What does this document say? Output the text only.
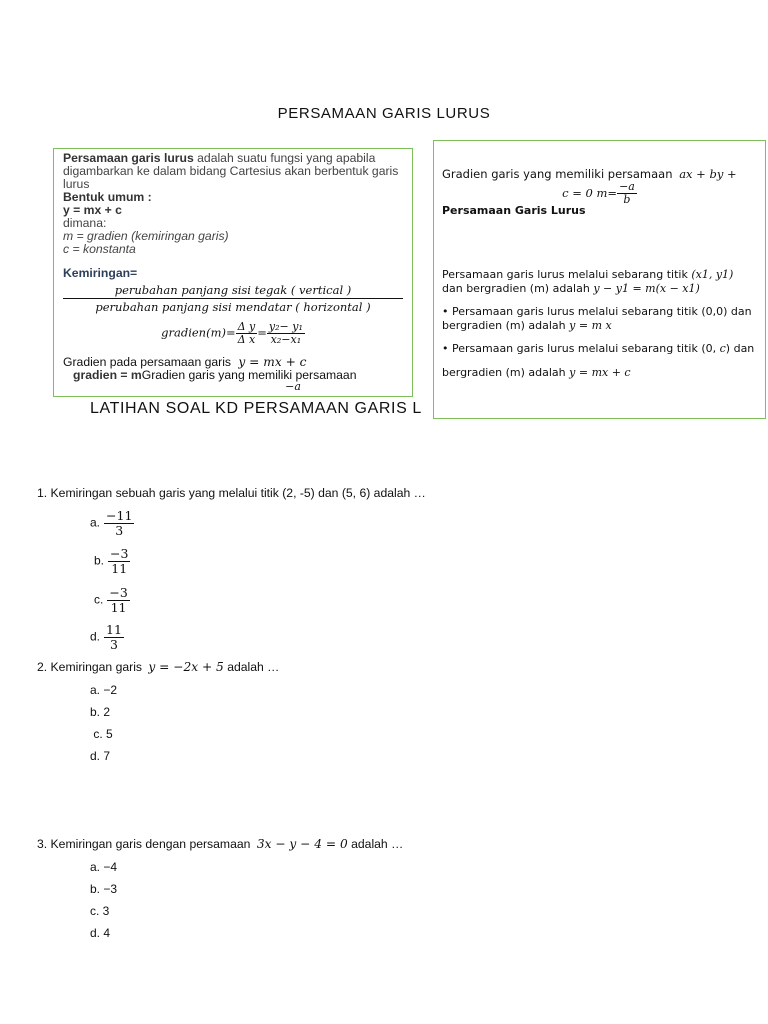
PERSAMAAN GARIS LURUS
Persamaan garis lurus adalah suatu fungsi yang apabila digambarkan ke dalam bidang Cartesius akan berbentuk garis lurus
Bentuk umum :
y = mx + c
dimana:
m = gradien (kemiringan garis)
c = konstanta
Kemiringan=
perubahan panjang sisi tegak ( vertical )
perubahan panjang sisi mendatar ( horizontal )
gradien(m)= $\frac{\text{Δ y}}{\text{Δ x}} = \frac{\text{y₂− y₁}}{\text{x₂−x₁}}$
Gradien pada persamaan garis y = mx + c
gradien = mGradien garis yang memiliki persamaan
−a
LATIHAN SOAL KD PERSAMAAN GARIS L
Gradien garis yang memiliki persamaan ax + by +
c = 0 $m= \frac{-a}{b}$
Persamaan Garis Lurus
Persamaan garis lurus melalui sebarang titik (x1, y1)
dan bergradien (m) adalah y − y1 = m(x − x1)
• Persamaan garis lurus melalui sebarang titik (0,0) dan
bergradien (m) adalah y = m x
• Persamaan garis lurus melalui sebarang titik (0, c) dan

bergradien (m) adalah y = mx + c
1. Kemiringan sebuah garis yang melalui titik (2, -5) dan (5, 6) adalah …
a. $\frac{-11}{3}$
b. $\frac{-3}{11}$
c. $\frac{-3}{11}$
d. $\frac{11}{3}$
2. Kemiringan garis y = −2x + 5 adalah …
a. −2
b. 2
c. 5
d. 7
3. Kemiringan garis dengan persamaan 3x − y − 4 = 0 adalah …
a. −4
b. −3
c. 3
d. 4
